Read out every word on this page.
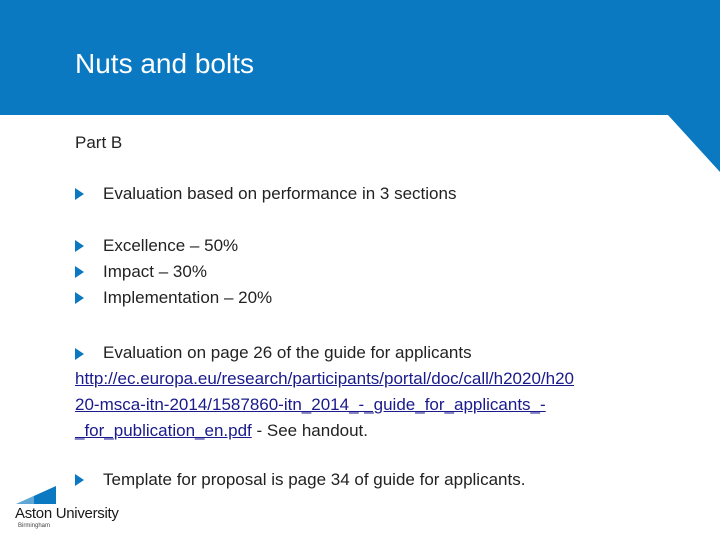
Nuts and bolts
Part B
Evaluation based on performance in 3 sections
Excellence – 50%
Impact – 30%
Implementation – 20%
Evaluation on page 26 of the guide for applicants
http://ec.europa.eu/research/participants/portal/doc/call/h2020/h20
20-msca-itn-2014/1587860-itn_2014_-_guide_for_applicants_-
_for_publication_en.pdf - See handout.
Template for proposal is page 34 of guide for applicants.
Aston University
Birmingham
